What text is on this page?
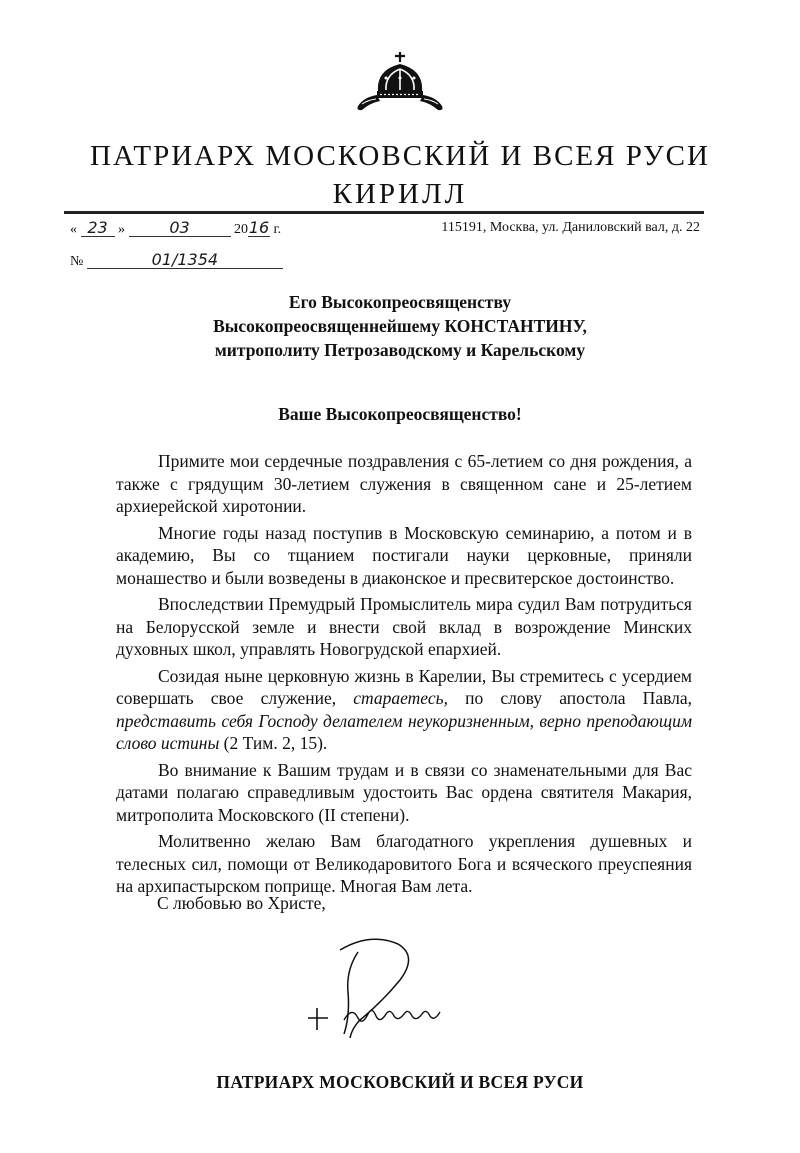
ПАТРИАРХ МОСКОВСКИЙ И ВСЕЯ РУСИ
КИРИЛЛ
« 23 »	03	2016 г.	115191, Москва, ул. Даниловский вал, д. 22
№	01/1354
Его Высокопреосвященству
Высокопреосвященнейшему КОНСТАНТИНУ,
митрополиту Петрозаводскому и Карельскому
Ваше Высокопреосвященство!

Примите мои сердечные поздравления с 65-летием со дня рождения, а также с грядущим 30-летием служения в священном сане и 25-летием архиерейской хиротонии.

Многие годы назад поступив в Московскую семинарию, а потом и в академию, Вы со тщанием постигали науки церковные, приняли монашество и были возведены в диаконское и пресвитерское достоинство.

Впоследствии Премудрый Промыслитель мира судил Вам потрудиться на Белорусской земле и внести свой вклад в возрождение Минских духовных школ, управлять Новогрудской епархией.

Созидая ныне церковную жизнь в Карелии, Вы стремитесь с усердием совершать свое служение, стараетесь, по слову апостола Павла, представить себя Господу делателем неукоризненным, верно преподающим слово истины (2 Тим. 2, 15).

Во внимание к Вашим трудам и в связи со знаменательными для Вас датами полагаю справедливым удостоить Вас ордена святителя Макария, митрополита Московского (II степени).

Молитвенно желаю Вам благодатного укрепления душевных и телесных сил, помощи от Великодаровитого Бога и всяческого преуспеяния на архипастырском поприще. Многая Вам лета.

С любовью во Христе,
ПАТРИАРХ МОСКОВСКИЙ И ВСЕЯ РУСИ
